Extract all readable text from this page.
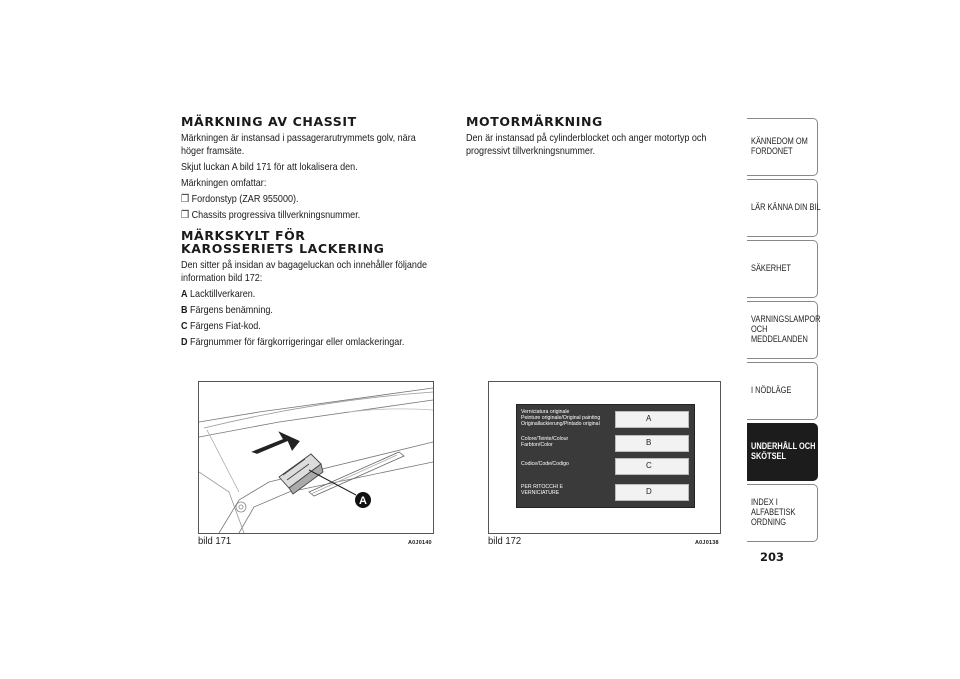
MÄRKNING AV CHASSIT
Märkningen är instansad i passagerarutrymmets golv, nära höger framsäte.
Skjut luckan A bild 171 för att lokalisera den.
Märkningen omfattar:
❒ Fordonstyp (ZAR 955000).
❒ Chassits progressiva tillverkningsnummer.
MÄRKSKYLT FÖR KAROSSERIETS LACKERING
Den sitter på insidan av bagageluckan och innehåller följande information bild 172:
A Lacktillverkaren.
B Färgens benämning.
C Färgens Fiat-kod.
D Färgnummer för färgkorrigeringar eller omlackeringar.
MOTORMÄRKNING
Den är instansad på cylinderblocket och anger motortyp och progressivt tillverkningsnummer.
A
bild 171	A0J0140
Verniciatura originale
Peinture originale/Original painting
Originallackierung/Pintado original
A
Colore/Teinte/Colour
Farbton/Color	B
Codice/Code/Codigo	C
PER RITOCCHI E
VERNICIATURE	D
bild 172	A0J0138
KÄNNEDOM OM
FORDONET
LÄR KÄNNA DIN BIL
SÄKERHET
VARNINGSLAMPOR
OCH MEDDELANDEN
I NÖDLÄGE
UNDERHÅLL OCH
SKÖTSEL
INDEX I ALFABETISK
ORDNING
203
